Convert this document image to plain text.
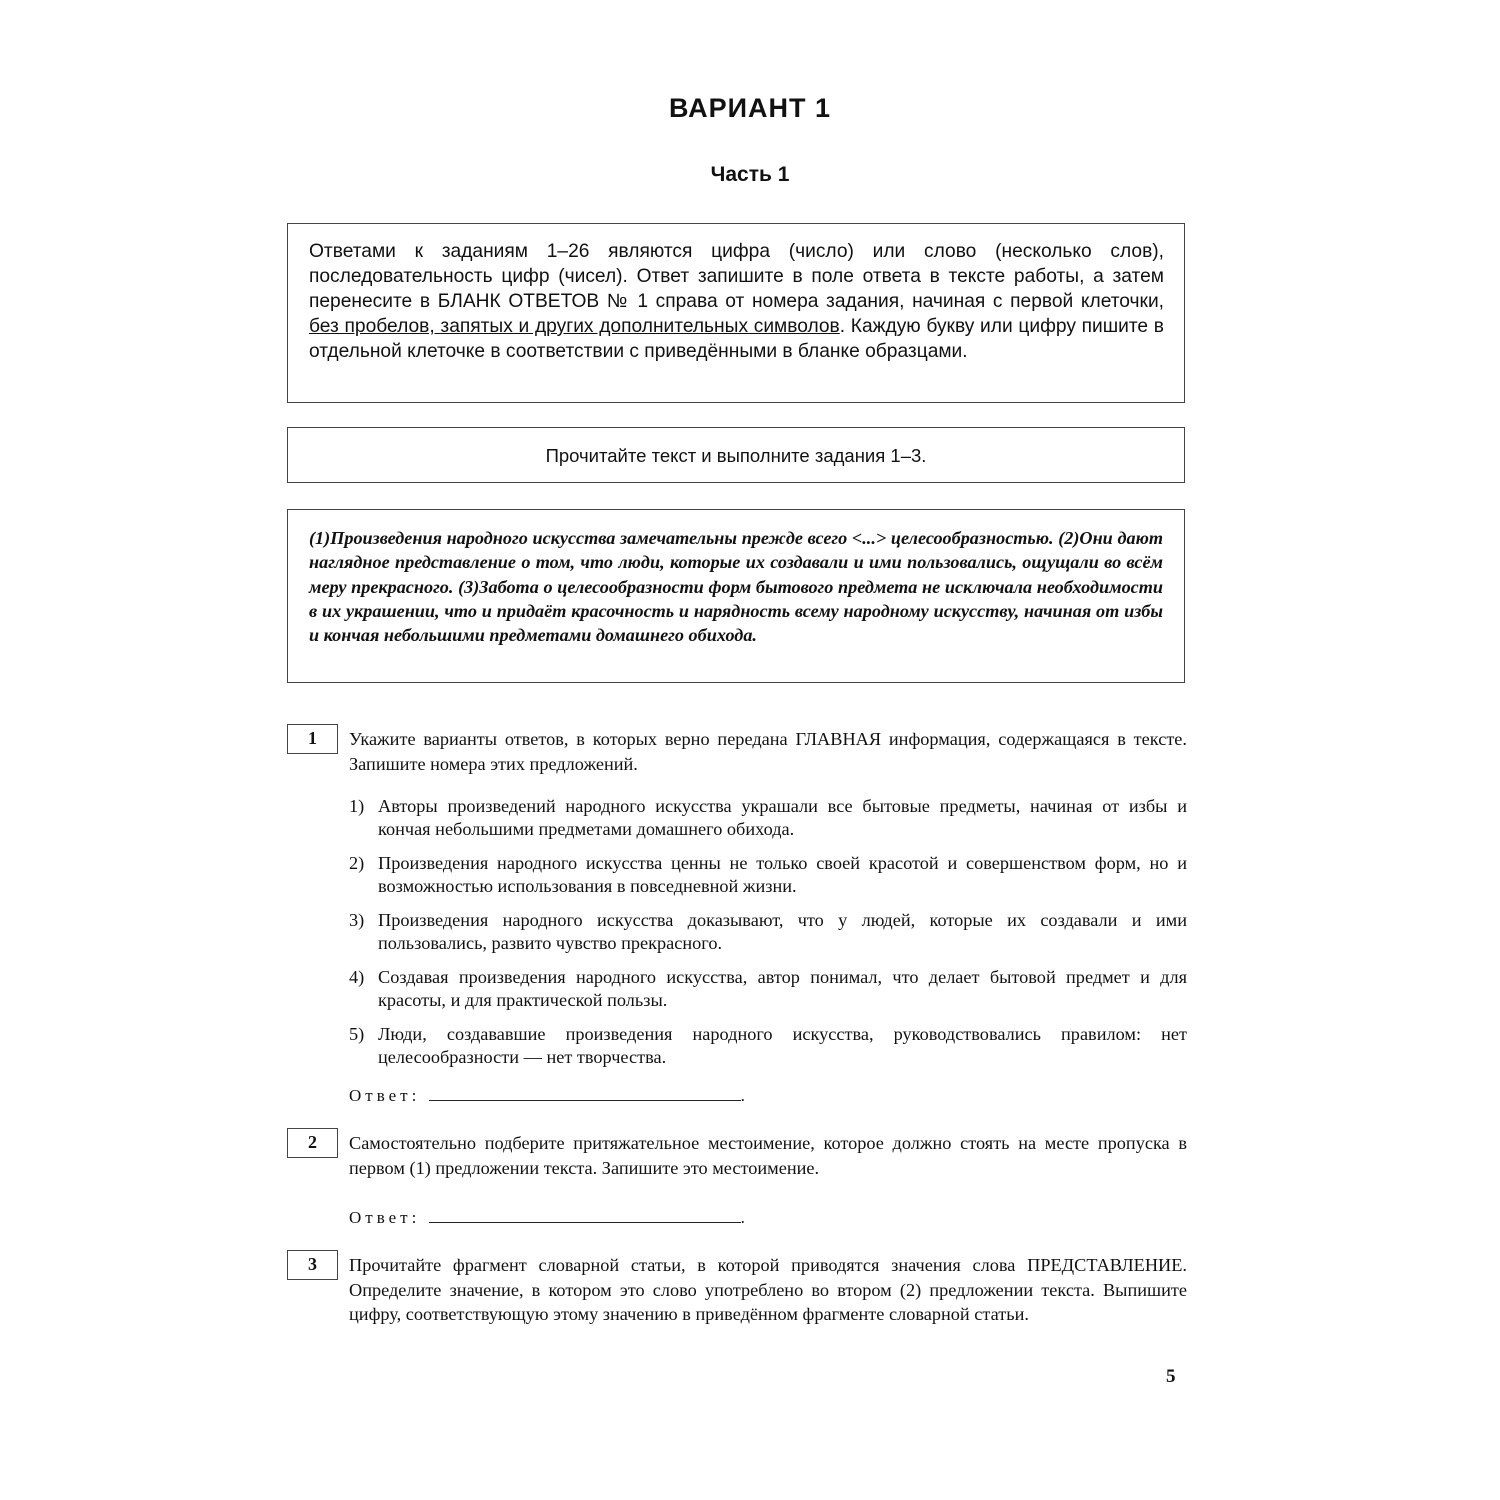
ВАРИАНТ 1
Часть 1

Ответами к заданиям 1–26 являются цифра (число) или слово (несколько слов), последовательность цифр (чисел). Ответ запишите в поле ответа в тексте работы, а затем перенесите в БЛАНК ОТВЕТОВ № 1 справа от номера задания, начиная с первой клеточки, без пробелов, запятых и других дополнительных символов. Каждую букву или цифру пишите в отдельной клеточке в соответствии с приведёнными в бланке образцами.

Прочитайте текст и выполните задания 1–3.

(1)Произведения народного искусства замечательны прежде всего <...> целесообразностью. (2)Они дают наглядное представление о том, что люди, которые их создавали и ими пользовались, ощущали во всём меру прекрасного. (3)Забота о целесообразности форм бытового предмета не исключала необходимости в их украшении, что и придаёт красочность и нарядность всему народному искусству, начиная от избы и кончая небольшими предметами домашнего обихода.

1	Укажите варианты ответов, в которых верно передана ГЛАВНАЯ информация, содержащаяся в тексте. Запишите номера этих предложений.

1) Авторы произведений народного искусства украшали все бытовые предметы, начиная от избы и кончая небольшими предметами домашнего обихода.

2) Произведения народного искусства ценны не только своей красотой и совершенством форм, но и возможностью использования в повседневной жизни.

3) Произведения народного искусства доказывают, что у людей, которые их создавали и ими пользовались, развито чувство прекрасного.

4) Создавая произведения народного искусства, автор понимал, что делает бытовой предмет и для красоты, и для практической пользы.

5) Люди, создававшие произведения народного искусства, руководствовались правилом: нет целесообразности — нет творчества.

Ответ:	.
2	Самостоятельно подберите притяжательное местоимение, которое должно стоять на месте пропуска в первом (1) предложении текста. Запишите это местоимение.

Ответ:	.
3	Прочитайте фрагмент словарной статьи, в которой приводятся значения слова ПРЕДСТАВЛЕНИЕ. Определите значение, в котором это слово употреблено во втором (2) предложении текста. Выпишите цифру, соответствующую этому значению в приведённом фрагменте словарной статьи.

5
